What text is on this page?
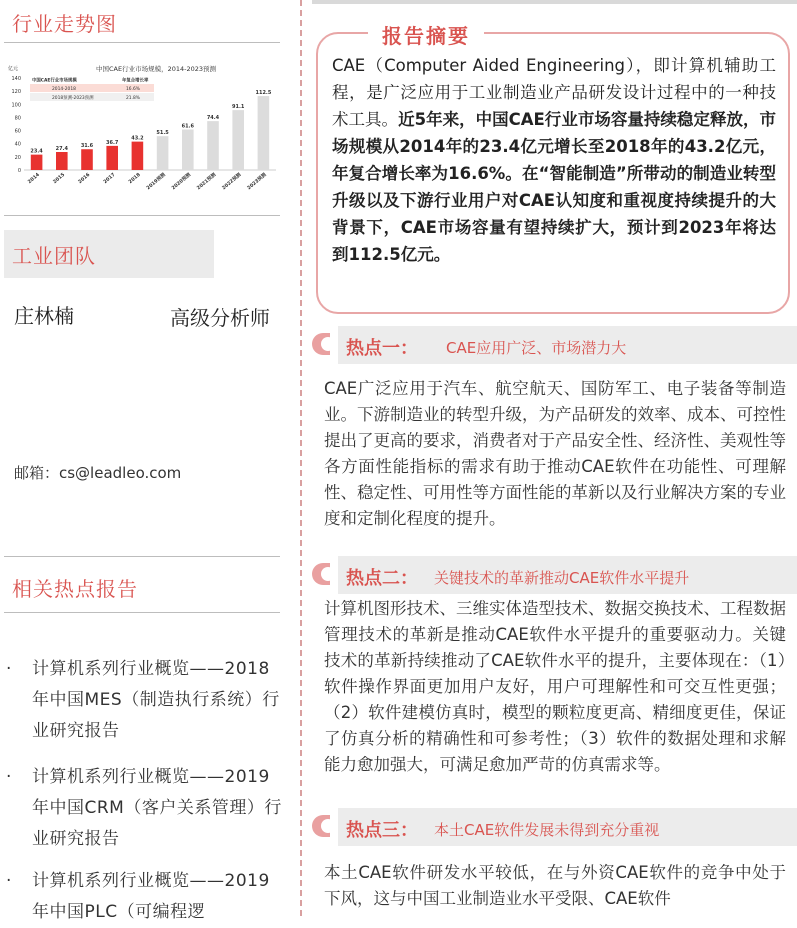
行业走势图
中国CAE行业市场规模，2014-2023预测
亿元
0
20
40
60
80
100
120
140	中国CAE行业市场规模	年复合增长率
2014-2018	16.6%
2018预测-2023预测	21.8%
23.4
2014
27.4
2015
31.6
2016
36.7
2017
43.2
2018
51.5
2019预测
61.6
2020预测
74.4
2021预测
91.1
2022预测
112.5
2023预测
工业团队
庄林楠	高级分析师
邮箱：cs@leadleo.com
相关热点报告
· 计算机系列行业概览——2018年中国MES（制造执行系统）行业研究报告
· 计算机系列行业概览——2019年中国CRM（客户关系管理）行业研究报告
· 计算机系列行业概览——2019年中国PLC（可编程逻
报告摘要
CAE（Computer Aided Engineering），即计算机辅助工程，是广泛应用于工业制造业产品研发设计过程中的一种技术工具。近5年来，中国CAE行业市场容量持续稳定释放，市场规模从2014年的23.4亿元增长至2018年的43.2亿元，年复合增长率为16.6%。在“智能制造”所带动的制造业转型升级以及下游行业用户对CAE认知度和重视度持续提升的大背景下，CAE市场容量有望持续扩大，预计到2023年将达到112.5亿元。
热点一： CAE应用广泛、市场潜力大
CAE广泛应用于汽车、航空航天、国防军工、电子装备等制造业。下游制造业的转型升级，为产品研发的效率、成本、可控性提出了更高的要求，消费者对于产品安全性、经济性、美观性等各方面性能指标的需求有助于推动CAE软件在功能性、可理解性、稳定性、可用性等方面性能的革新以及行业解决方案的专业度和定制化程度的提升。
热点二： 关键技术的革新推动CAE软件水平提升
计算机图形技术、三维实体造型技术、数据交换技术、工程数据管理技术的革新是推动CAE软件水平提升的重要驱动力。关键技术的革新持续推动了CAE软件水平的提升，主要体现在：（1）软件操作界面更加用户友好，用户可理解性和可交互性更强；（2）软件建模仿真时，模型的颗粒度更高、精细度更佳，保证了仿真分析的精确性和可参考性；（3）软件的数据处理和求解能力愈加强大，可满足愈加严苛的仿真需求等。
热点三： 本土CAE软件发展未得到充分重视
本土CAE软件研发水平较低，在与外资CAE软件的竞争中处于下风，这与中国工业制造业水平受限、CAE软件
